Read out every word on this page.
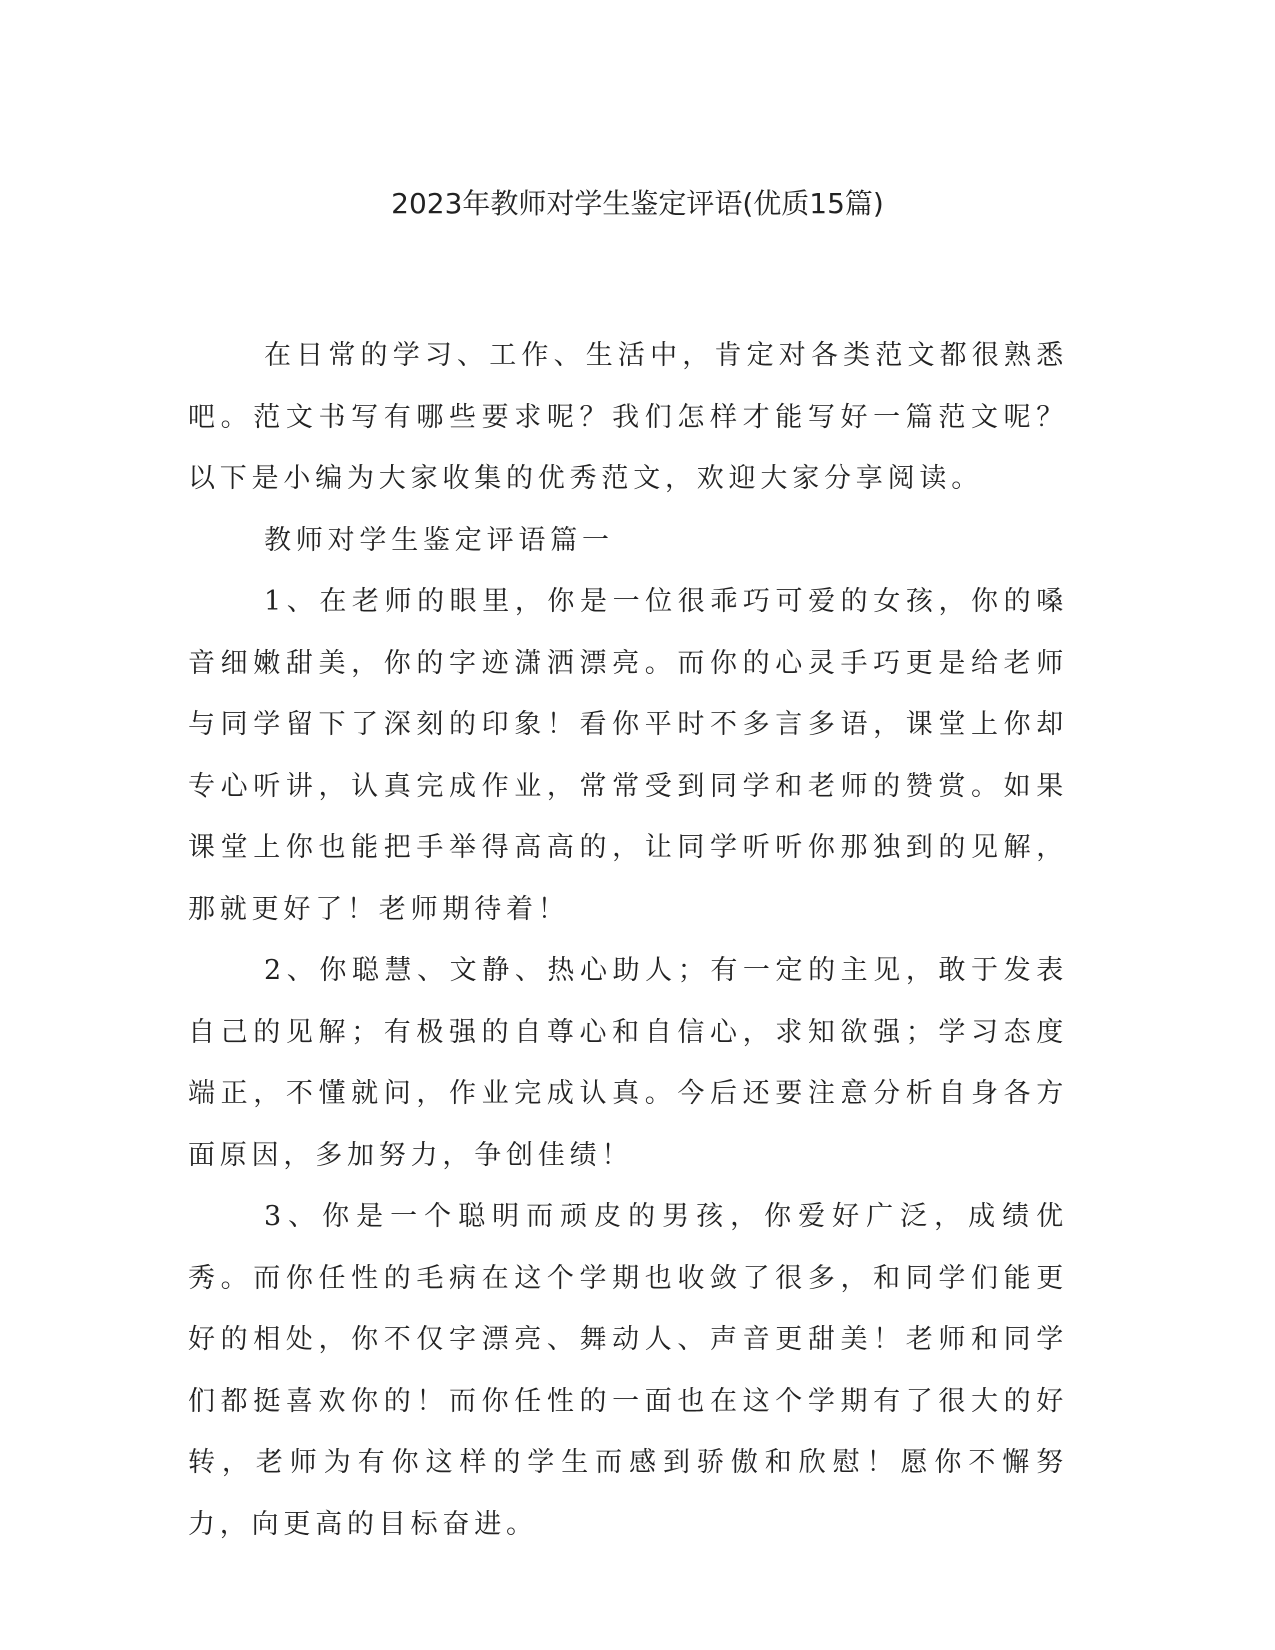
2023年教师对学生鉴定评语(优质15篇)

在日常的学习、工作、生活中，肯定对各类范文都很熟悉吧。范文书写有哪些要求呢？我们怎样才能写好一篇范文呢？以下是小编为大家收集的优秀范文，欢迎大家分享阅读。

教师对学生鉴定评语篇一

1、在老师的眼里，你是一位很乖巧可爱的女孩，你的嗓音细嫩甜美，你的字迹潇洒漂亮。而你的心灵手巧更是给老师与同学留下了深刻的印象！看你平时不多言多语，课堂上你却专心听讲，认真完成作业，常常受到同学和老师的赞赏。如果课堂上你也能把手举得高高的，让同学听听你那独到的见解，那就更好了！老师期待着！

2、你聪慧、文静、热心助人；有一定的主见，敢于发表自己的见解；有极强的自尊心和自信心，求知欲强；学习态度端正，不懂就问，作业完成认真。今后还要注意分析自身各方面原因，多加努力，争创佳绩！

3、你是一个聪明而顽皮的男孩，你爱好广泛，成绩优秀。而你任性的毛病在这个学期也收敛了很多，和同学们能更好的相处，你不仅字漂亮、舞动人、声音更甜美！老师和同学们都挺喜欢你的！而你任性的一面也在这个学期有了很大的好转，老师为有你这样的学生而感到骄傲和欣慰！愿你不懈努力，向更高的目标奋进。
